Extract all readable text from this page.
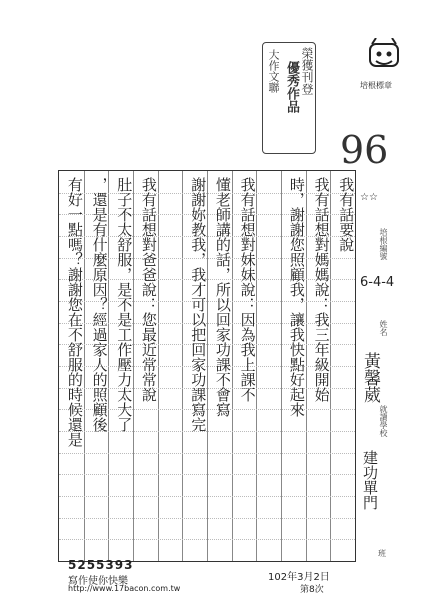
大作文聯 優秀作品 榮獲刊登	培根標章
96
☆☆
培根編號
6-4-4
姓名
黃馨葳
就讀學校
建功單門
班
我有話要說
我有話想對媽媽說：我三年級開始
時，謝謝您照顧我，讓我快點好起來
我有話想對妹妹說：因為我上課不
懂老師講的話，所以回家功課不會寫
謝謝妳教我，我才可以把回家功課寫完
我有話想對爸爸說：您最近常常說
肚子不太舒服，是不是工作壓力太大了
，還是有什麼原因？經過家人的照顧後
有好一點嗎？謝謝您在不舒服的時候還是
5255393
寫作使你快樂
http://www.17bacon.com.tw
102年3月2日
第8次
